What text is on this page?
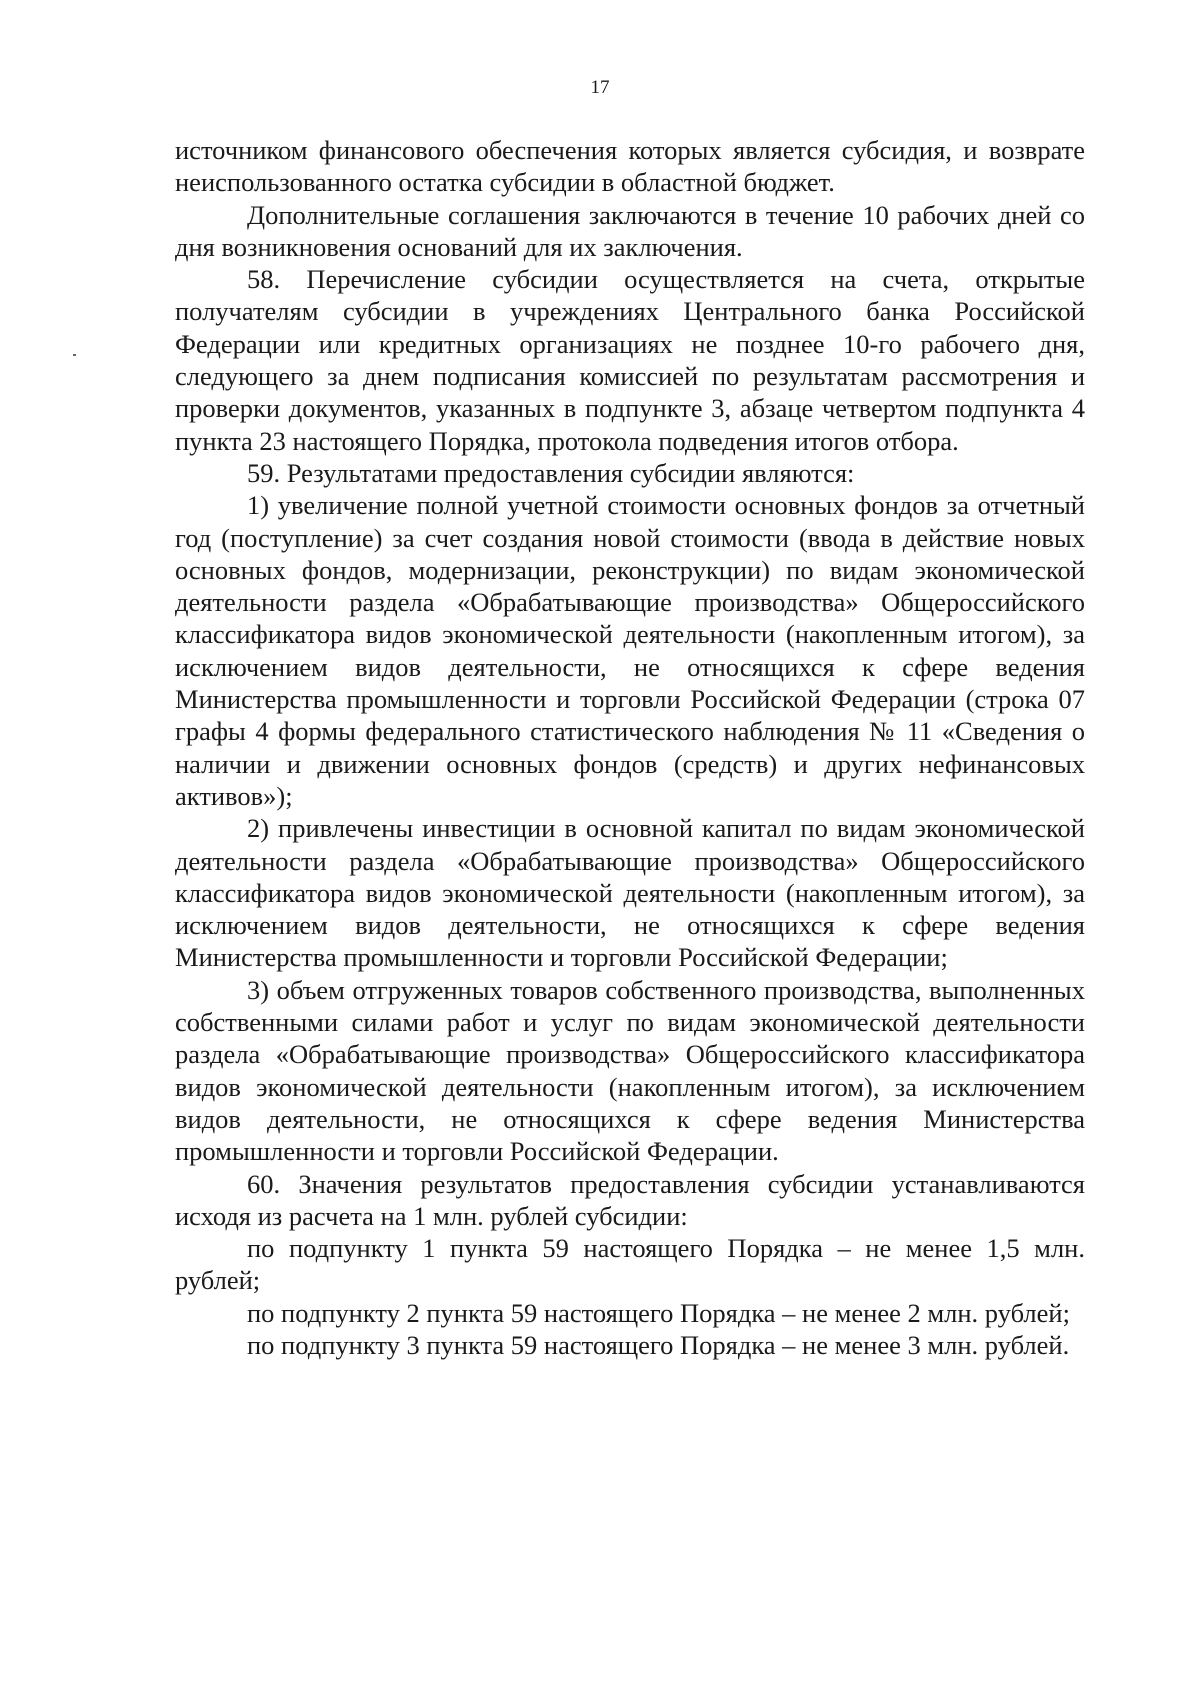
17

источником финансового обеспечения которых является субсидия, и возврате неиспользованного остатка субсидии в областной бюджет.

Дополнительные соглашения заключаются в течение 10 рабочих дней со дня возникновения оснований для их заключения.

58. Перечисление субсидии осуществляется на счета, открытые получателям субсидии в учреждениях Центрального банка Российской Федерации или кредитных организациях не позднее 10-го рабочего дня, следующего за днем подписания комиссией по результатам рассмотрения и проверки документов, указанных в подпункте 3, абзаце четвертом подпункта 4 пункта 23 настоящего Порядка, протокола подведения итогов отбора.

59. Результатами предоставления субсидии являются:

1) увеличение полной учетной стоимости основных фондов за отчетный год (поступление) за счет создания новой стоимости (ввода в действие новых основных фондов, модернизации, реконструкции) по видам экономической деятельности раздела «Обрабатывающие производства» Общероссийского классификатора видов экономической деятельности (накопленным итогом), за исключением видов деятельности, не относящихся к сфере ведения Министерства промышленности и торговли Российской Федерации (строка 07 графы 4 формы федерального статистического наблюдения № 11 «Сведения о наличии и движении основных фондов (средств) и других нефинансовых активов»);

2) привлечены инвестиции в основной капитал по видам экономической деятельности раздела «Обрабатывающие производства» Общероссийского классификатора видов экономической деятельности (накопленным итогом), за исключением видов деятельности, не относящихся к сфере ведения Министерства промышленности и торговли Российской Федерации;

3) объем отгруженных товаров собственного производства, выполненных собственными силами работ и услуг по видам экономической деятельности раздела «Обрабатывающие производства» Общероссийского классификатора видов экономической деятельности (накопленным итогом), за исключением видов деятельности, не относящихся к сфере ведения Министерства промышленности и торговли Российской Федерации.

60. Значения результатов предоставления субсидии устанавливаются исходя из расчета на 1 млн. рублей субсидии:

по подпункту 1 пункта 59 настоящего Порядка – не менее 1,5 млн. рублей;

по подпункту 2 пункта 59 настоящего Порядка – не менее 2 млн. рублей;

по подпункту 3 пункта 59 настоящего Порядка – не менее 3 млн. рублей.
